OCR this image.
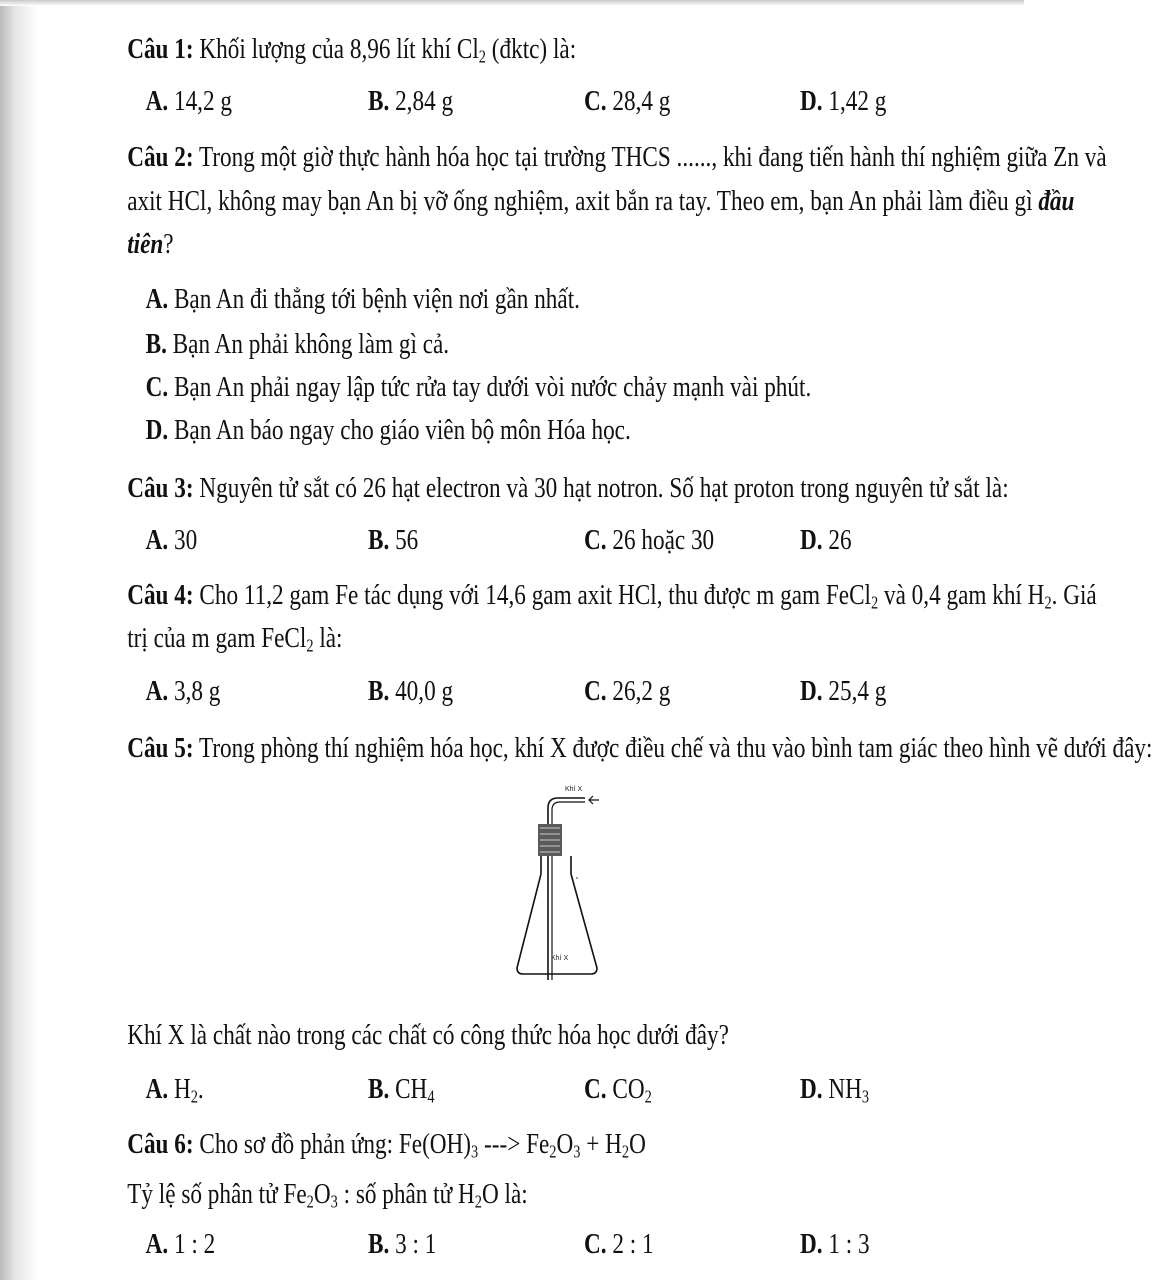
Câu 1: Khối lượng của 8,96 lít khí $Cl_2$ (đktc) là:
A. 14,2 g	B. 2,84 g	C. 28,4 g	D. 1,42 g
Câu 2: Trong một giờ thực hành hóa học tại trường THCS ......, khi đang tiến hành thí nghiệm giữa Zn và
axit HCl, không may bạn An bị vỡ ống nghiệm, axit bắn ra tay. Theo em, bạn An phải làm điều gì đầu
tiên?
A. Bạn An đi thẳng tới bệnh viện nơi gần nhất.
B. Bạn An phải không làm gì cả.
C. Bạn An phải ngay lập tức rửa tay dưới vòi nước chảy mạnh vài phút.
D. Bạn An báo ngay cho giáo viên bộ môn Hóa học.
Câu 3: Nguyên tử sắt có 26 hạt electron và 30 hạt notron. Số hạt proton trong nguyên tử sắt là:
A. 30	B. 56	C. 26 hoặc 30	D. 26
Câu 4: Cho 11,2 gam Fe tác dụng với 14,6 gam axit HCl, thu được m gam FeCl$_2$ và 0,4 gam khí $H_2$. Giá
trị của m gam FeCl$_2$ là:
A. 3,8 g	B. 40,0 g	C. 26,2 g	D. 25,4 g
Câu 5: Trong phòng thí nghiệm hóa học, khí X được điều chế và thu vào bình tam giác theo hình vẽ dưới đây:
Khí X
Khí X
Khí X là chất nào trong các chất có công thức hóa học dưới đây?
A. $H_2$.	B. $CH_4$	C. $CO_2$	D. $NH_3$
Câu 6: Cho sơ đồ phản ứng: $Fe(OH)_3$ ---> $Fe_2O_3 + H_2O$
Tỷ lệ số phân tử $Fe_2O_3$ : số phân tử $H_2O$ là:
A. 1 : 2	B. 3 : 1	C. 2 : 1	D. 1 : 3
